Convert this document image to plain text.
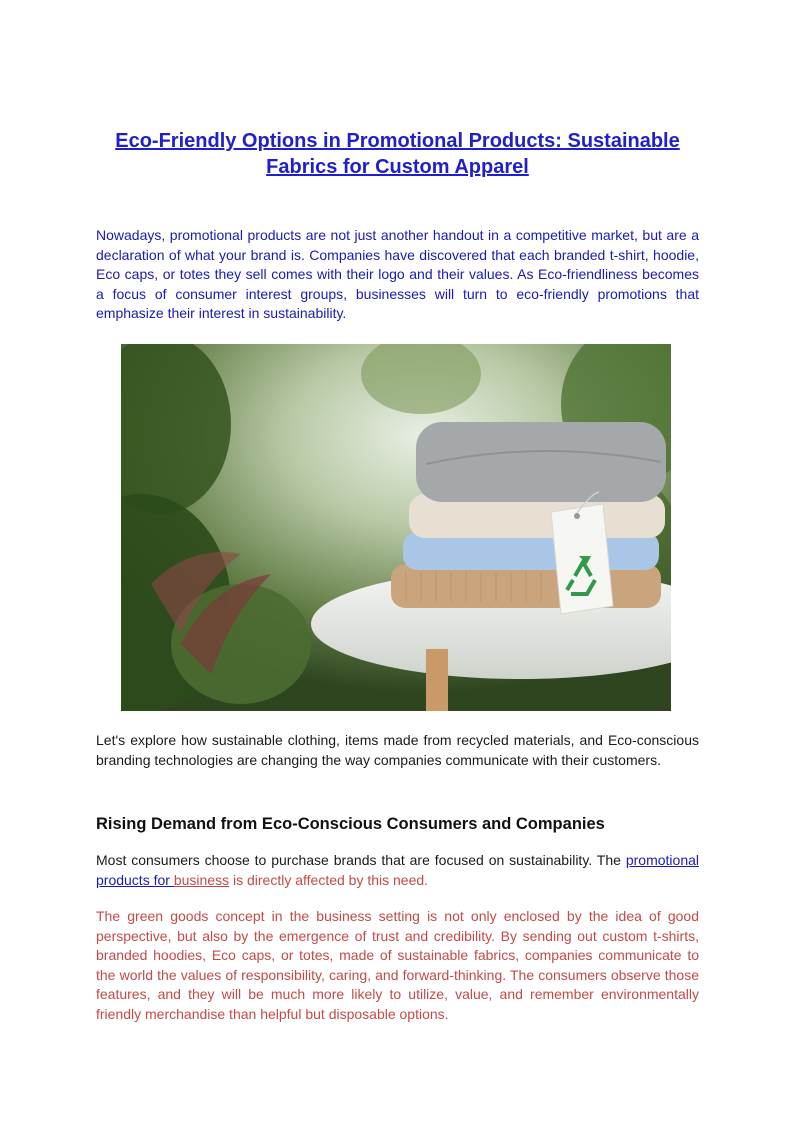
Eco-Friendly Options in Promotional Products: Sustainable Fabrics for Custom Apparel
Nowadays, promotional products are not just another handout in a competitive market, but are a declaration of what your brand is. Companies have discovered that each branded t-shirt, hoodie, Eco caps, or totes they sell comes with their logo and their values. As Eco-friendliness becomes a focus of consumer interest groups, businesses will turn to eco-friendly promotions that emphasize their interest in sustainability.
Let's explore how sustainable clothing, items made from recycled materials, and Eco-conscious branding technologies are changing the way companies communicate with their customers.
Rising Demand from Eco-Conscious Consumers and Companies
Most consumers choose to purchase brands that are focused on sustainability. The promotional products for business is directly affected by this need.
The green goods concept in the business setting is not only enclosed by the idea of good perspective, but also by the emergence of trust and credibility. By sending out custom t-shirts, branded hoodies, Eco caps, or totes, made of sustainable fabrics, companies communicate to the world the values of responsibility, caring, and forward-thinking. The consumers observe those features, and they will be much more likely to utilize, value, and remember environmentally friendly merchandise than helpful but disposable options.
